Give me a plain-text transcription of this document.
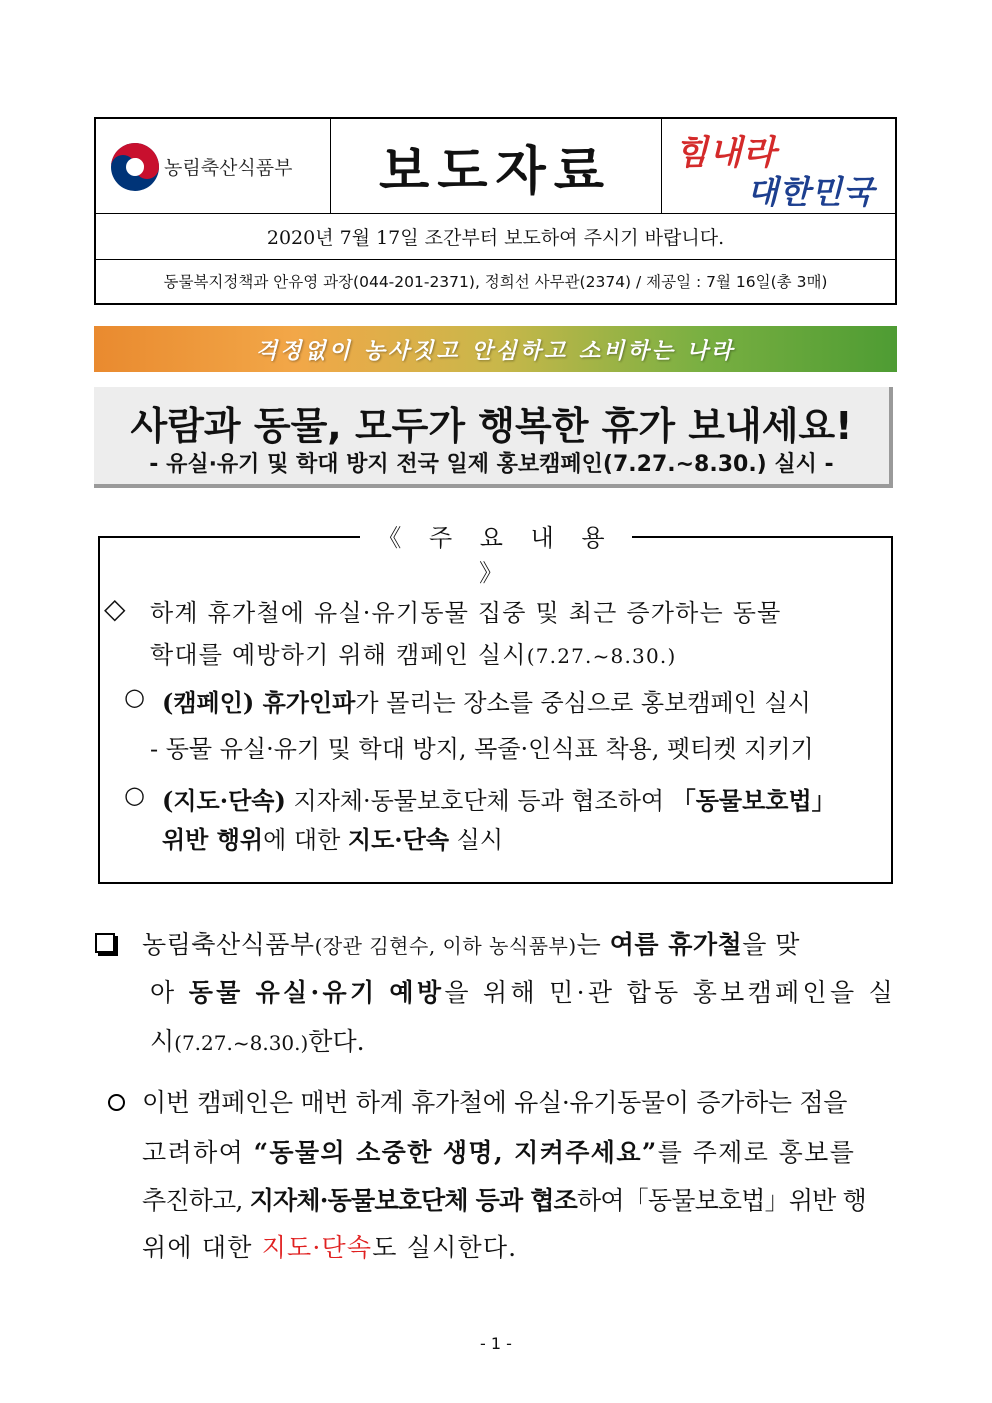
농림축산식품부	보도자료	힘내라
대한민국
2020년 7월 17일 조간부터 보도하여 주시기 바랍니다.
동물복지정책과 안유영 과장(044-201-2371), 정희선 사무관(2374) / 제공일 : 7월 16일(총 3매)
걱정없이 농사짓고 안심하고 소비하는 나라
사람과 동물, 모두가 행복한 휴가 보내세요!
- 유실·유기 및 학대 방지 전국 일제 홍보캠페인(7.27.~8.30.) 실시 -
《 주 요 내 용 》
◇ 하계 휴가철에 유실·유기동물 집중 및 최근 증가하는 동물
학대를 예방하기 위해 캠페인 실시(7.27.~8.30.)
○ (캠페인) 휴가인파가 몰리는 장소를 중심으로 홍보캠페인 실시
- 동물 유실·유기 및 학대 방지, 목줄·인식표 착용, 펫티켓 지키기
○ (지도·단속) 지자체·동물보호단체 등과 협조하여 「동물보호법」
위반 행위에 대한 지도·단속 실시
농림축산식품부(장관 김현수, 이하 농식품부)는 여름 휴가철을 맞
아 동물 유실·유기 예방을 위해 민·관 합동 홍보캠페인을 실
시(7.27.~8.30.)한다.
이번 캠페인은 매번 하계 휴가철에 유실·유기동물이 증가하는 점을
고려하여 “동물의 소중한 생명, 지켜주세요”를 주제로 홍보를
추진하고, 지자체·동물보호단체 등과 협조하여「동물보호법」위반 행
위에 대한 지도·단속도 실시한다.
- 1 -
